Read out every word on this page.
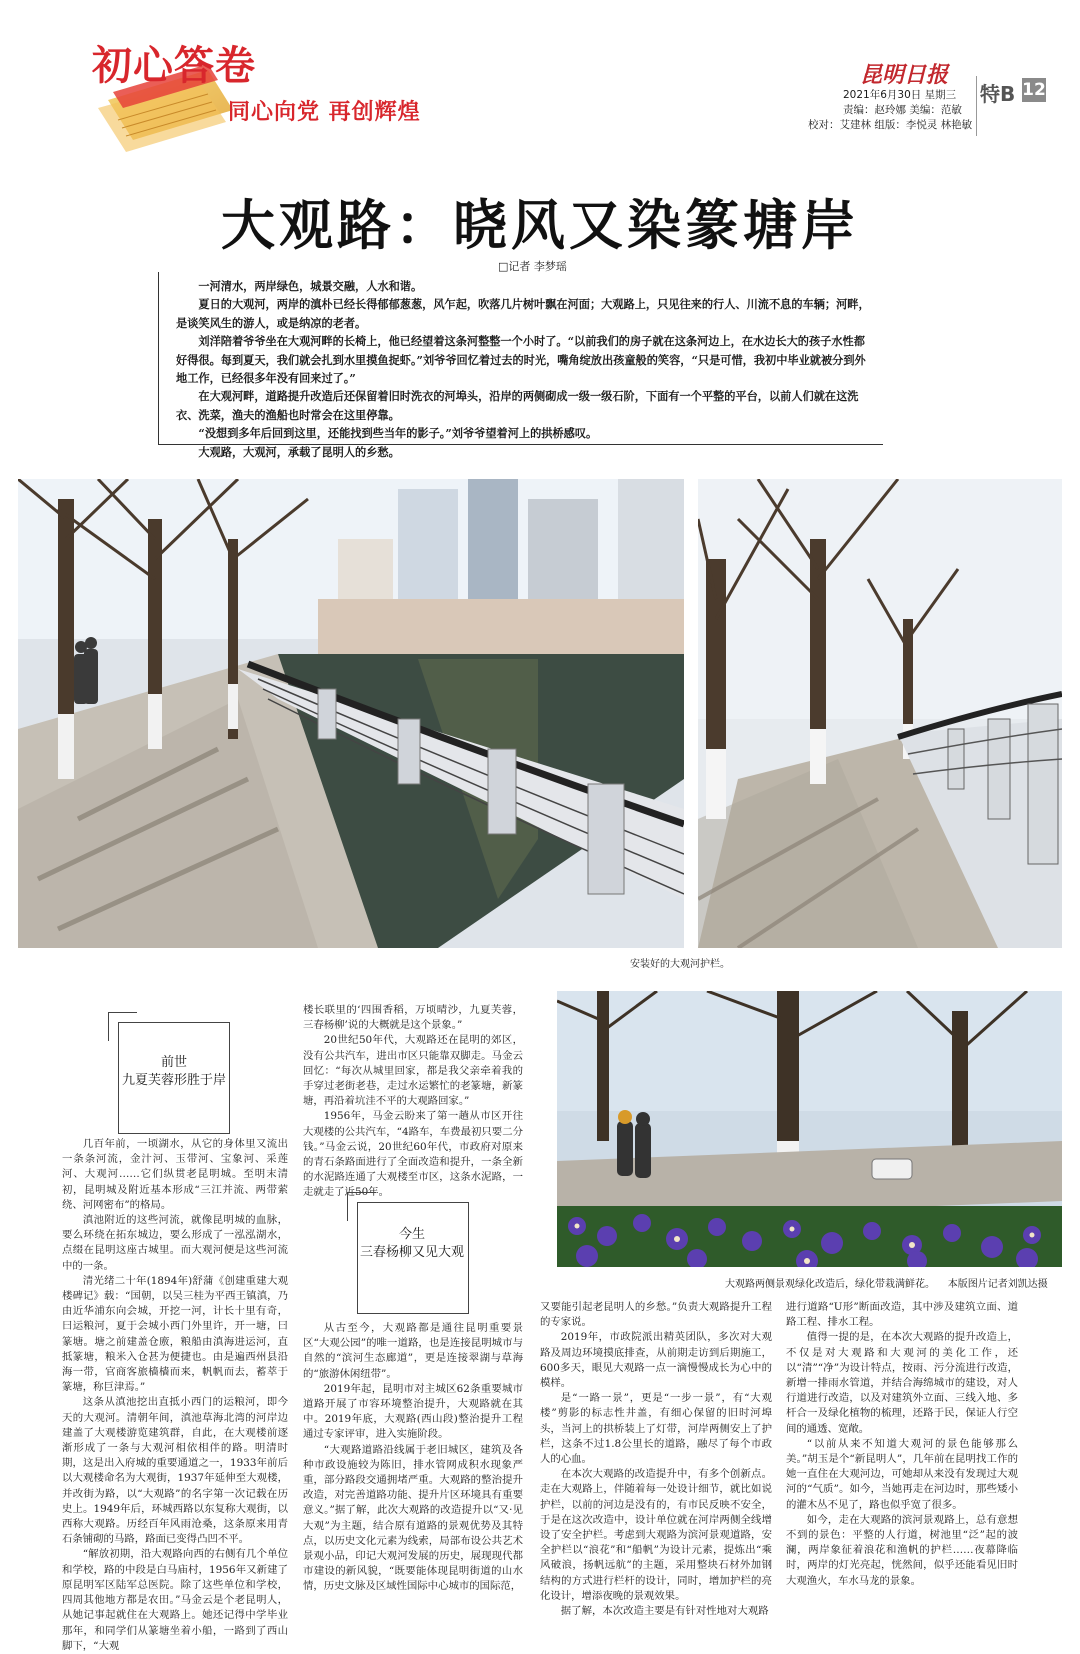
初心答卷
同心向党 再创辉煌
昆明日报
2021年6月30日 星期三
责编：赵玲娜 美编：范敏
校对：艾建林 组版：李悦灵 林艳敏
特B 12
大观路：晓风又染篆塘岸
□记者 李梦瑶

一河清水，两岸绿色，城景交融，人水和谐。

夏日的大观河，两岸的滇朴已经长得郁郁葱葱，风乍起，吹落几片树叶飘在河面；大观路上，只见往来的行人、川流不息的车辆；河畔，是谈笑风生的游人，或是纳凉的老者。

刘洋陪着爷爷坐在大观河畔的长椅上，他已经望着这条河整整一个小时了。“以前我们的房子就在这条河边上，在水边长大的孩子水性都好得很。每到夏天，我们就会扎到水里摸鱼捉虾。”刘爷爷回忆着过去的时光，嘴角绽放出孩童般的笑容，“只是可惜，我初中毕业就被分到外地工作，已经很多年没有回来过了。”

在大观河畔，道路提升改造后还保留着旧时洗衣的河埠头，沿岸的两侧砌成一级一级石阶，下面有一个平整的平台，以前人们就在这洗衣、洗菜，渔夫的渔船也时常会在这里停靠。

“没想到多年后回到这里，还能找到些当年的影子。”刘爷爷望着河上的拱桥感叹。

大观路，大观河，承载了昆明人的乡愁。

安装好的大观河护栏。
前世
九夏芙蓉形胜于岸

几百年前，一顷湖水，从它的身体里又流出一条条河流，金汁河、玉带河、宝象河、采莲河、大观河……它们纵贯老昆明城。至明末清初，昆明城及附近基本形成“三江并流、两带萦绕、河网密布”的格局。

滇池附近的这些河流，就像昆明城的血脉，要么环绕在拓东城边，要么形成了一泓泓湖水，点缀在昆明这座古城里。而大观河便是这些河流中的一条。

清光绪二十年(1894年)舒蒲《创建重建大观楼碑记》载：“国朝，以吴三桂为平西王镇滇，乃由近华浦东向会城，开挖一河，计长十里有奇，曰运粮河，夏于会城小西门外里许，开一塘，曰篆塘。塘之前建盖仓廒，粮船由滇海进运河，直抵篆塘，粮米入仓甚为便捷也。由是遍西州县沿海一带，官商客旅樯樯而来，帆帆而去，蓄萃于篆塘，称巨津焉。”

这条从滇池挖出直抵小西门的运粮河，即今天的大观河。清朝年间，滇池草海北湾的河岸边建盖了大观楼游览建筑群，自此，在大观楼前逐渐形成了一条与大观河相依相伴的路。明清时期，这是出入府城的重要通道之一，1933年前后以大观楼命名为大观街，1937年延伸至大观楼，并改街为路，以“大观路”的名字第一次记载在历史上。1949年后，环城西路以东复称大观街，以西称大观路。历经百年风雨沧桑，这条原来用青石条铺砌的马路，路面已变得凸凹不平。

“解放初期，沿大观路向西的右侧有几个单位和学校，路的中段是白马庙村，1956年又新建了原昆明军区陆军总医院。除了这些单位和学校，四周其他地方都是农田。”马金云是个老昆明人，从她记事起就住在大观路上。她还记得中学毕业那年，和同学们从篆塘坐着小船，一路到了西山脚下，“大观

楼长联里的‘四围香稻，万顷晴沙，九夏芙蓉，三春杨柳’说的大概就是这个景象。”

20世纪50年代，大观路还在昆明的郊区，没有公共汽车，进出市区只能靠双脚走。马金云回忆：“每次从城里回家，都是我父亲牵着我的手穿过老街老巷，走过水运繁忙的老篆塘，新篆塘，再沿着坑洼不平的大观路回家。”

1956年，马金云盼来了第一趟从市区开往大观楼的公共汽车，“4路车，车费最初只要二分钱。”马金云说，20世纪60年代，市政府对原来的青石条路面进行了全面改造和提升，一条全新的水泥路连通了大观楼至市区，这条水泥路，一走就走了近50年。

今生
三春杨柳又见大观
大观路两侧景观绿化改造后，绿化带栽满鲜花。    本版图片记者刘凯达摄

从古至今，大观路都是通往昆明重要景区“大观公园”的唯一道路，也是连接昆明城市与自然的“滨河生态廊道”，更是连接翠湖与草海的“旅游休闲纽带”。

2019年起，昆明市对主城区62条重要城市道路开展了市容环境整治提升，大观路就在其中。2019年底，大观路(西山段)整治提升工程通过专家评审，进入实施阶段。

“大观路道路沿线属于老旧城区，建筑及各种市政设施较为陈旧，排水管网成积水现象严重，部分路段交通拥堵严重。大观路的整治提升改造，对完善道路功能、提升片区环境具有重要意义。”据了解，此次大观路的改造提升以“又·见大观”为主题，结合原有道路的景观优势及其特点，以历史文化元素为线索，局部布设公共艺术景观小品，印记大观河发展的历史，展现现代都市建设的新风貌，“既要能体现昆明街道的山水情，历史文脉及区域性国际中心城市的国际范，

又要能引起老昆明人的乡愁。”负责大观路提升工程的专家说。

2019年，市政院派出精英团队，多次对大观路及周边环境摸底排查，从前期走访到后期施工，600多天，眼见大观路一点一滴慢慢成长为心中的模样。

是“一路一景”，更是“一步一景”，有“大观楼”剪影的标志性井盖，有细心保留的旧时河埠头，当河上的拱桥装上了灯带，河岸两侧安上了护栏，这条不过1.8公里长的道路，融尽了每个市政人的心血。

在本次大观路的改造提升中，有多个创新点。走在大观路上，伴随着每一处设计细节，就比如说护栏，以前的河边是没有的，有市民反映不安全，于是在这次改造中，设计单位就在河岸两侧全线增设了安全护栏。考虑到大观路为滨河景观道路，安全护栏以“浪花”和“船帆”为设计元素，提炼出“乘风破浪，扬帆远航”的主题，采用整块石材外加钢结构的方式进行栏杆的设计，同时，增加护栏的亮化设计，增添夜晚的景观效果。

据了解，本次改造主要是有针对性地对大观路

进行道路“U形”断面改造，其中涉及建筑立面、道路工程、排水工程。

值得一提的是，在本次大观路的提升改造上，不仅是对大观路和大观河的美化工作，还以“清”“净”为设计特点，按雨、污分流进行改造，新增一排雨水管道，并结合海绵城市的建设，对人行道进行改造，以及对建筑外立面、三线入地、多杆合一及绿化植物的梳理，还路于民，保证人行空间的通透、宽敞。

“以前从来不知道大观河的景色能够那么美。”胡玉是个“新昆明人”，几年前在昆明找工作的她一直住在大观河边，可她却从来没有发现过大观河的“气质”。如今，当她再走在河边时，那些矮小的灌木丛不见了，路也似乎宽了很多。

如今，走在大观路的滨河景观路上，总有意想不到的景色：平整的人行道，树池里“泛”起的波澜，两岸象征着浪花和渔帆的护栏……夜幕降临时，两岸的灯光亮起，恍然间，似乎还能看见旧时大观渔火，车水马龙的景象。
